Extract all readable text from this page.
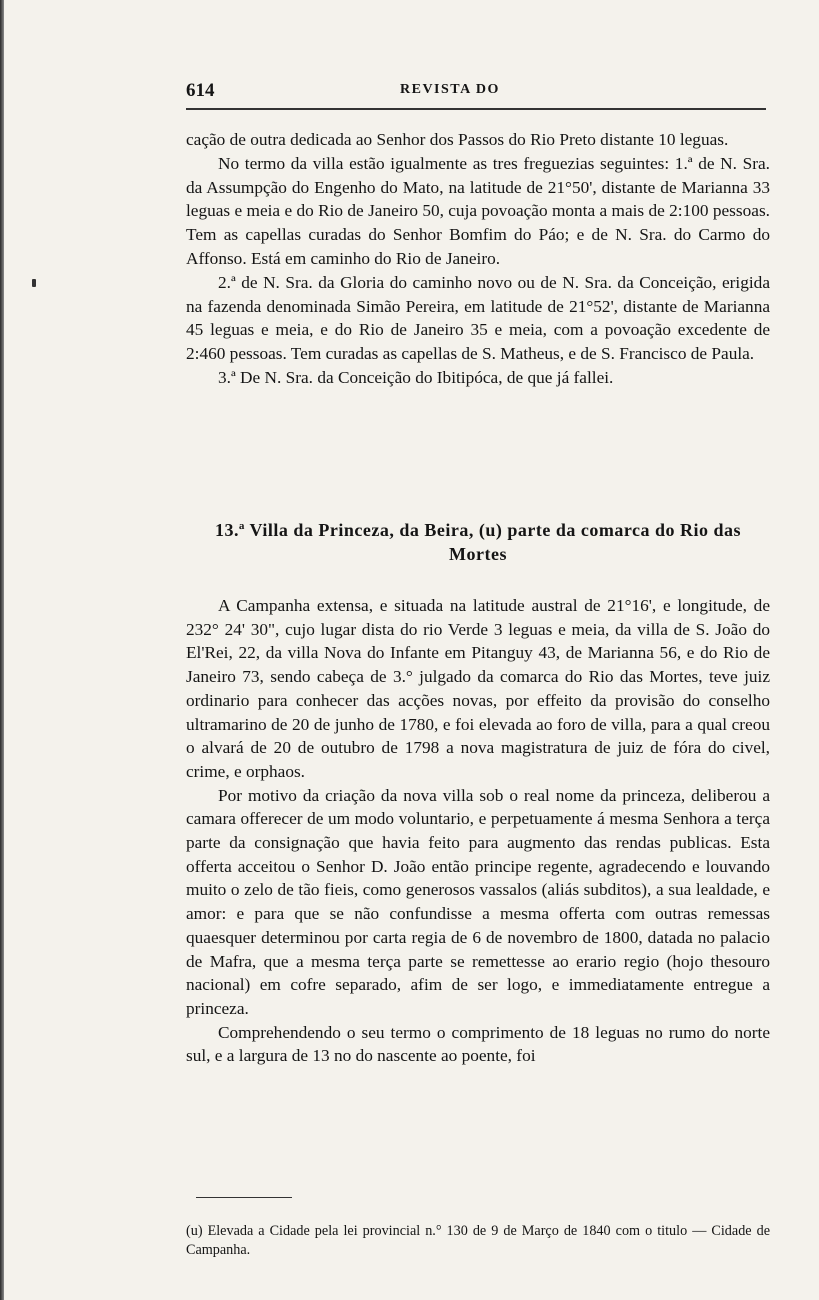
614	REVISTA DO

cação de outra dedicada ao Senhor dos Passos do Rio Preto distante 10 leguas.

No termo da villa estão igualmente as tres freguezias seguintes: 1.ª de N. Sra. da Assumpção do Engenho do Mato, na latitude de 21°50', distante de Marianna 33 leguas e meia e do Rio de Janeiro 50, cuja povoação monta a mais de 2:100 pessoas. Tem as capellas curadas do Senhor Bomfim do Páo; e de N. Sra. do Carmo do Affonso. Está em caminho do Rio de Janeiro.

2.ª de N. Sra. da Gloria do caminho novo ou de N. Sra. da Conceição, erigida na fazenda denominada Simão Pereira, em latitude de 21°52', distante de Marianna 45 leguas e meia, e do Rio de Janeiro 35 e meia, com a povoação excedente de 2:460 pessoas. Tem curadas as capellas de S. Matheus, e de S. Francisco de Paula.

3.ª De N. Sra. da Conceição do Ibitipóca, de que já fallei.

13.ª Villa da Princeza, da Beira, (u) parte da comarca do Rio das Mortes

A Campanha extensa, e situada na latitude austral de 21°16', e longitude, de 232° 24' 30", cujo lugar dista do rio Verde 3 leguas e meia, da villa de S. João do El'Rei, 22, da villa Nova do Infante em Pitanguy 43, de Marianna 56, e do Rio de Janeiro 73, sendo cabeça de 3.° julgado da comarca do Rio das Mortes, teve juiz ordinario para conhecer das acções novas, por effeito da provisão do conselho ultramarino de 20 de junho de 1780, e foi elevada ao foro de villa, para a qual creou o alvará de 20 de outubro de 1798 a nova magistratura de juiz de fóra do civel, crime, e orphaos.

Por motivo da criação da nova villa sob o real nome da princeza, deliberou a camara offerecer de um modo voluntario, e perpetuamente á mesma Senhora a terça parte da consignação que havia feito para augmento das rendas publicas. Esta offerta acceitou o Senhor D. João então principe regente, agradecendo e louvando muito o zelo de tão fieis, como generosos vassalos (aliás subditos), a sua lealdade, e amor: e para que se não confundisse a mesma offerta com outras remessas quaesquer determinou por carta regia de 6 de novembro de 1800, datada no palacio de Mafra, que a mesma terça parte se remettesse ao erario regio (hojo thesouro nacional) em cofre separado, afim de ser logo, e immediatamente entregue a princeza.

Comprehendendo o seu termo o comprimento de 18 leguas no rumo do norte sul, e a largura de 13 no do nascente ao poente, foi

(u) Elevada a Cidade pela lei provincial n.° 130 de 9 de Março de 1840 com o titulo — Cidade de Campanha.
